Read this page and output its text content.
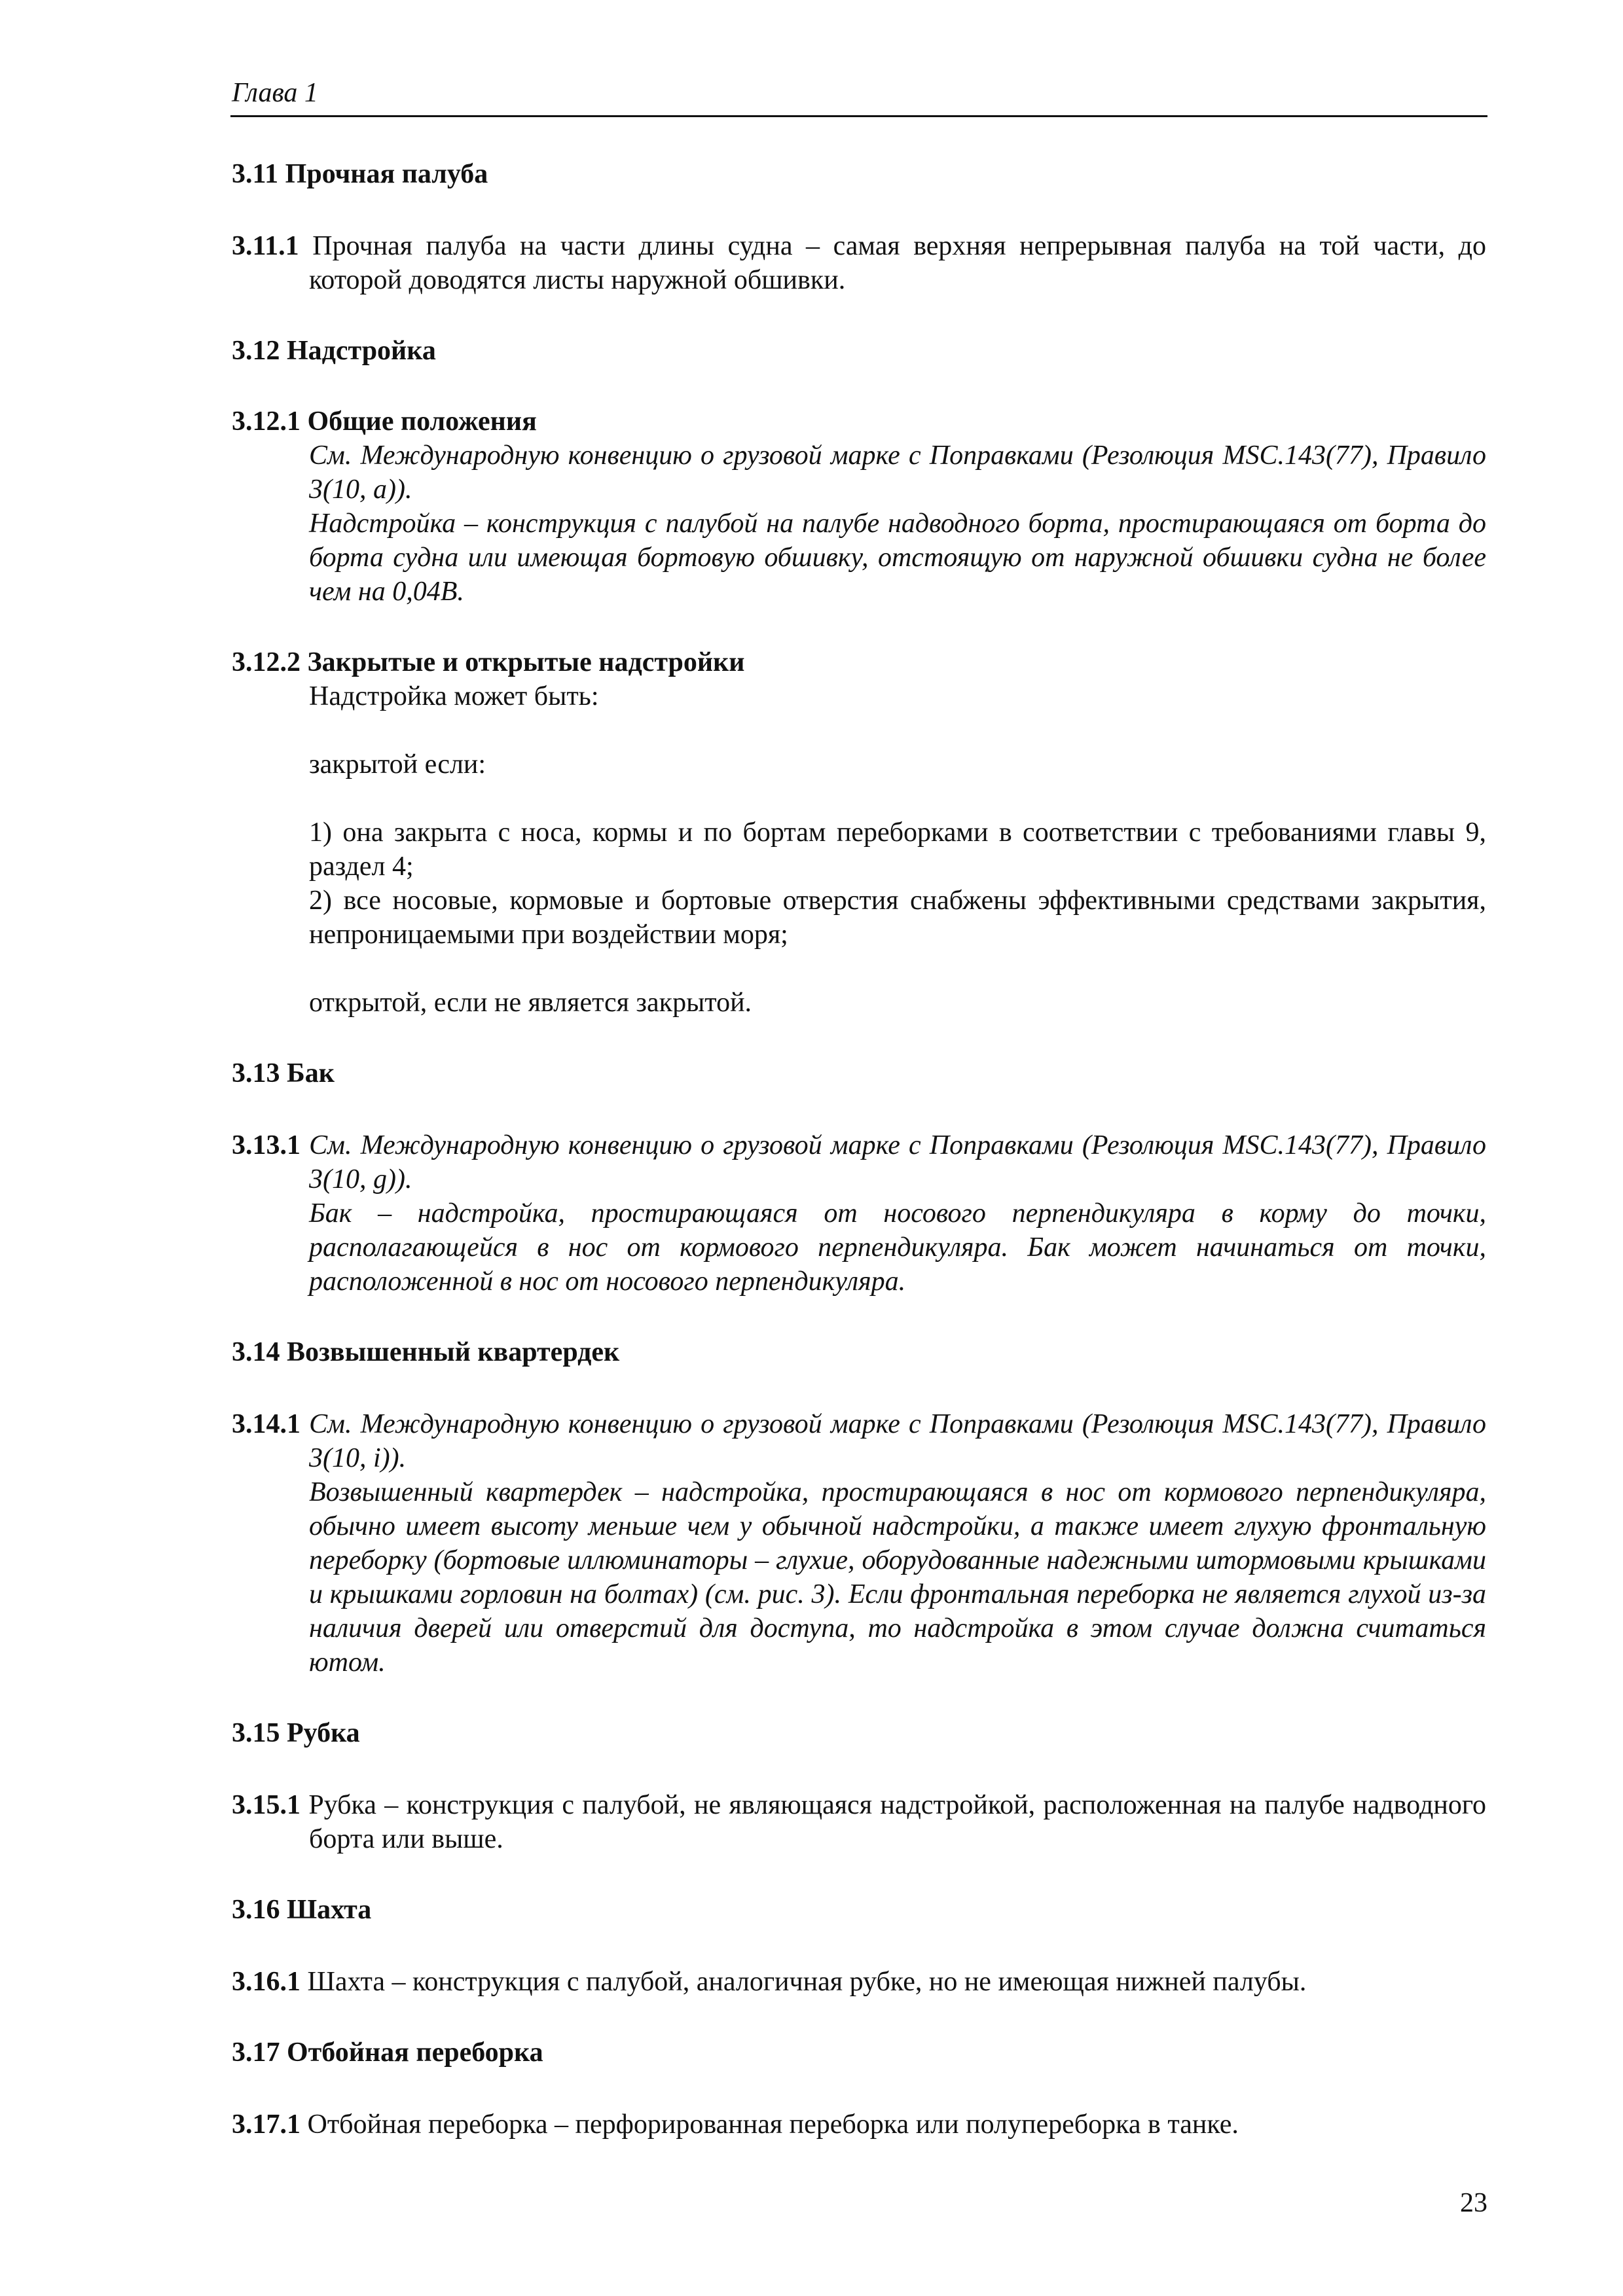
Глава 1

3.11 Прочная палуба

3.11.1 Прочная палуба на части длины судна – самая верхняя непрерывная палуба на той части, до которой доводятся листы наружной обшивки.

3.12 Надстройка

3.12.1 Общие положения

См. Международную конвенцию о грузовой марке с Поправками (Резолюция MSC.143(77), Правило 3(10, a)).

Надстройка – конструкция с палубой на палубе надводного борта, простирающаяся от борта до борта судна или имеющая бортовую обшивку, отстоящую от наружной обшивки судна не более чем на 0,04B.

3.12.2 Закрытые и открытые надстройки

Надстройка может быть:

закрытой если:

1) она закрыта с носа, кормы и по бортам переборками в соответствии с требованиями главы 9, раздел 4;

2) все носовые, кормовые и бортовые отверстия снабжены эффективными средствами закрытия, непроницаемыми при воздействии моря;

открытой, если не является закрытой.

3.13 Бак

3.13.1 См. Международную конвенцию о грузовой марке с Поправками (Резолюция MSC.143(77), Правило 3(10, g)).

Бак – надстройка, простирающаяся от носового перпендикуляра в корму до точки, располагающейся в нос от кормового перпендикуляра. Бак может начинаться от точки, расположенной в нос от носового перпендикуляра.

3.14 Возвышенный квартердек

3.14.1 См. Международную конвенцию о грузовой марке с Поправками (Резолюция MSC.143(77), Правило 3(10, i)).

Возвышенный квартердек – надстройка, простирающаяся в нос от кормового перпендикуляра, обычно имеет высоту меньше чем у обычной надстройки, а также имеет глухую фронтальную переборку (бортовые иллюминаторы – глухие, оборудованные надежными штормовыми крышками и крышками горловин на болтах) (см. рис. 3). Если фронтальная переборка не является глухой из-за наличия дверей или отверстий для доступа, то надстройка в этом случае должна считаться ютом.

3.15 Рубка

3.15.1 Рубка – конструкция с палубой, не являющаяся надстройкой, расположенная на палубе надводного борта или выше.

3.16 Шахта

3.16.1 Шахта – конструкция с палубой, аналогичная рубке, но не имеющая нижней палубы.

3.17 Отбойная переборка

3.17.1 Отбойная переборка – перфорированная переборка или полупереборка в танке.

23
